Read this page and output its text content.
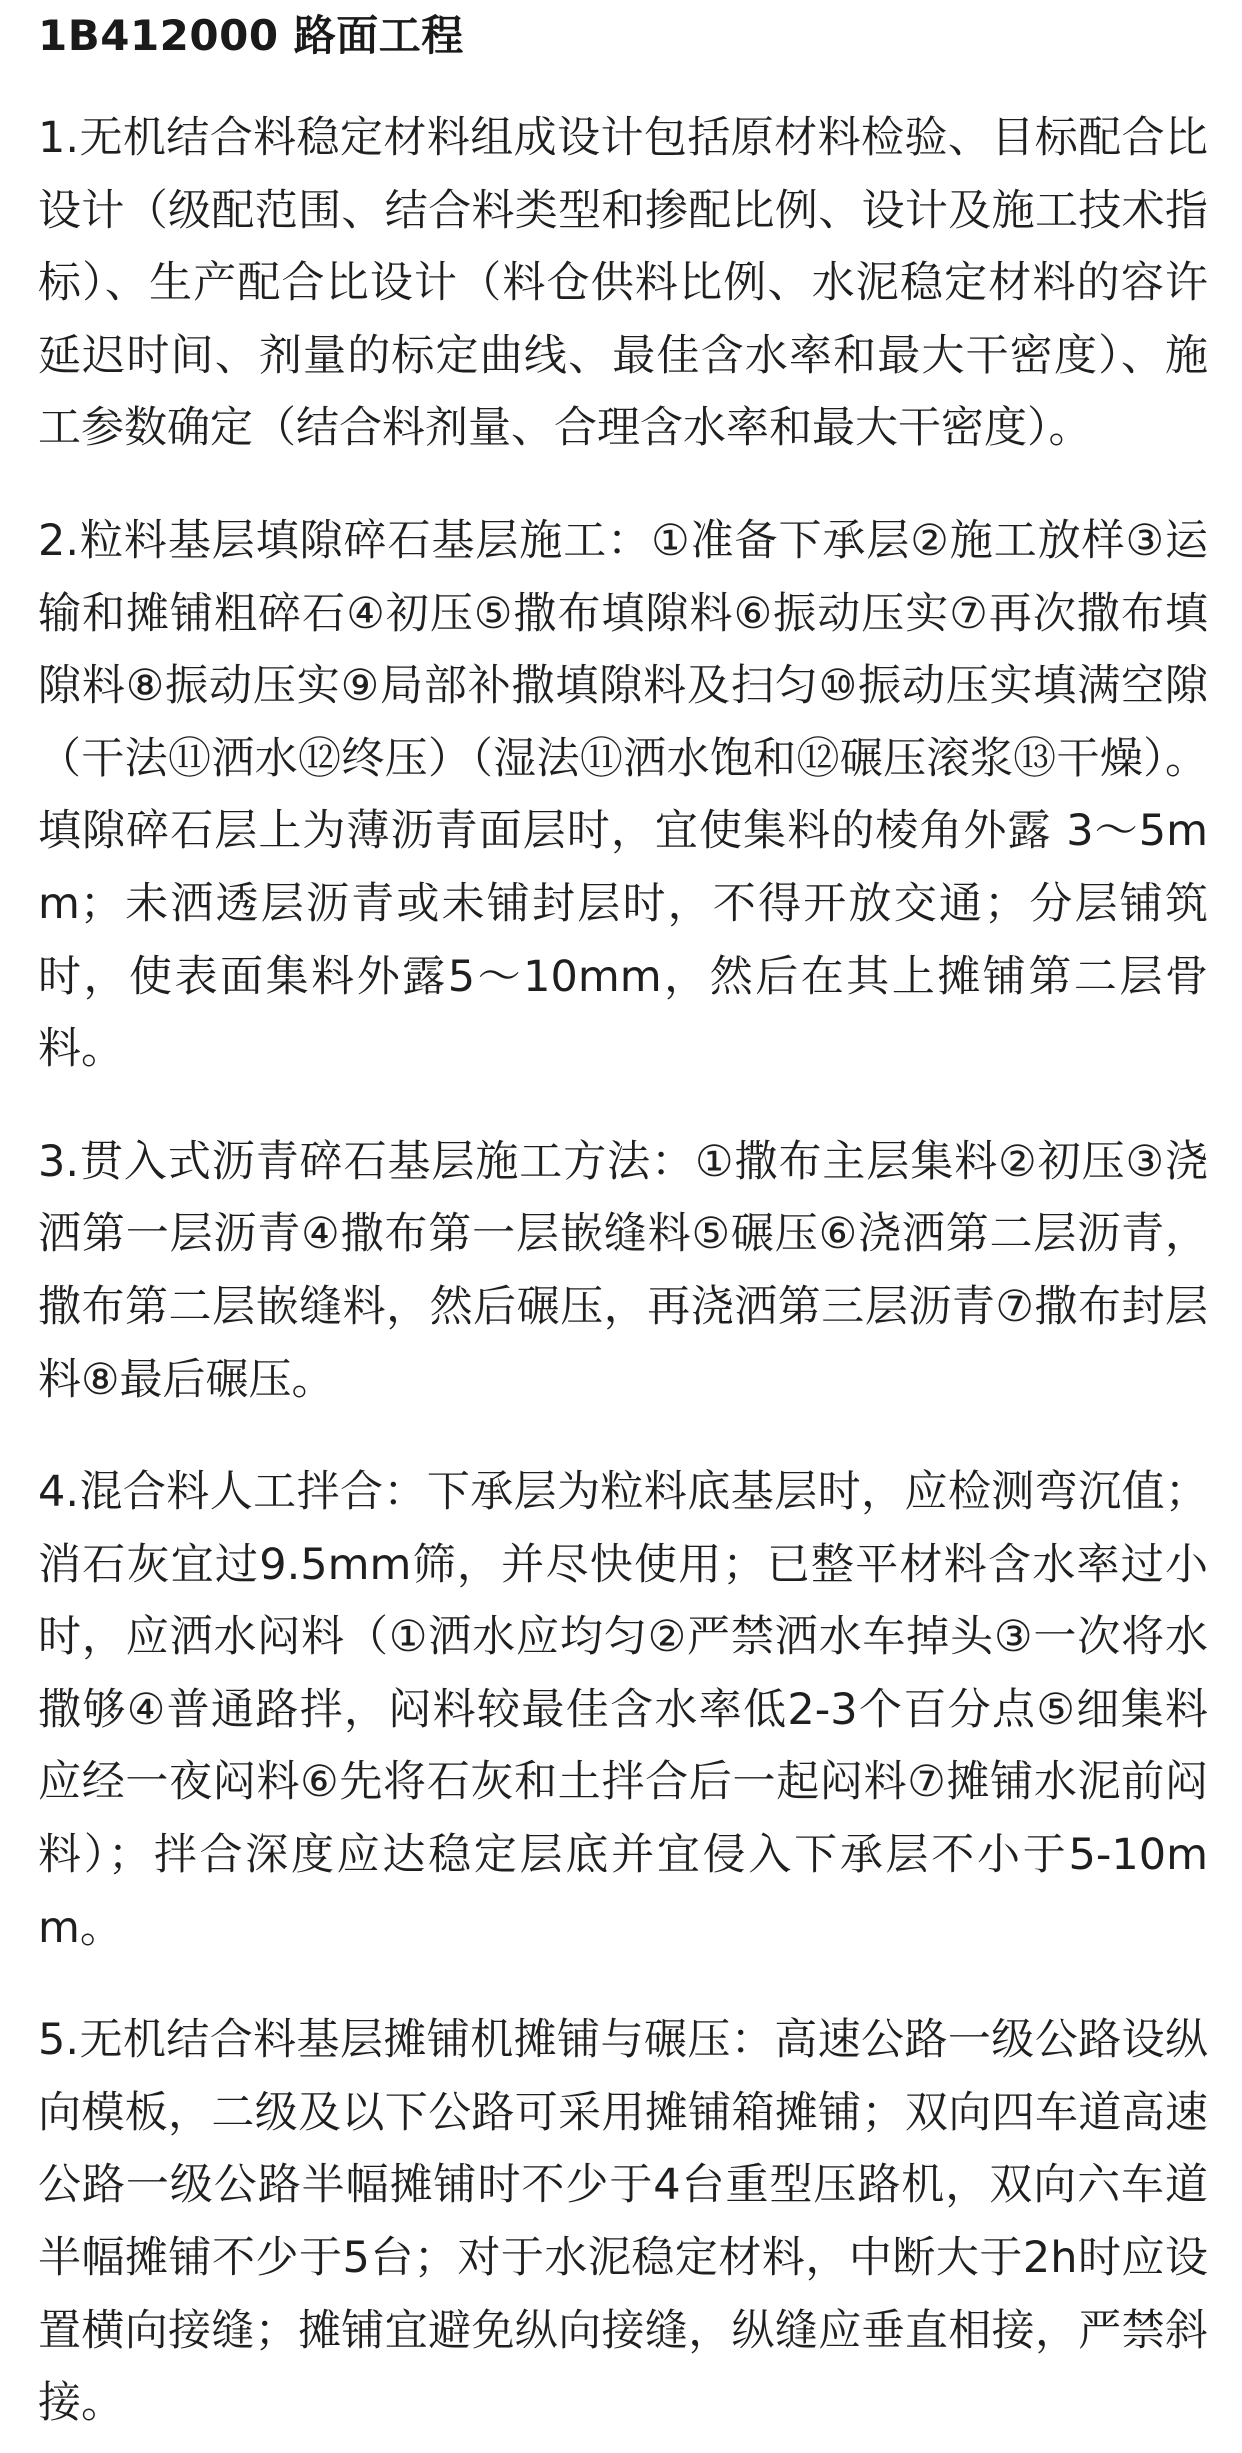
1B412000 路面工程

1.无机结合料稳定材料组成设计包括原材料检验、目标配合比设计（级配范围、结合料类型和掺配比例、设计及施工技术指标）、生产配合比设计（料仓供料比例、水泥稳定材料的容许延迟时间、剂量的标定曲线、最佳含水率和最大干密度）、施工参数确定（结合料剂量、合理含水率和最大干密度）。

2.粒料基层填隙碎石基层施工：①准备下承层②施工放样③运输和摊铺粗碎石④初压⑤撒布填隙料⑥振动压实⑦再次撒布填隙料⑧振动压实⑨局部补撒填隙料及扫匀⑩振动压实填满空隙（干法⑪洒水⑫终压）（湿法⑪洒水饱和⑫碾压滚浆⑬干燥）。填隙碎石层上为薄沥青面层时，宜使集料的棱角外露 3～5mm；未洒透层沥青或未铺封层时，不得开放交通；分层铺筑时，使表面集料外露5～10mm，然后在其上摊铺第二层骨料。

3.贯入式沥青碎石基层施工方法：①撒布主层集料②初压③浇洒第一层沥青④撒布第一层嵌缝料⑤碾压⑥浇洒第二层沥青，撒布第二层嵌缝料，然后碾压，再浇洒第三层沥青⑦撒布封层料⑧最后碾压。

4.混合料人工拌合：下承层为粒料底基层时，应检测弯沉值；消石灰宜过9.5mm筛，并尽快使用；已整平材料含水率过小时，应洒水闷料（①洒水应均匀②严禁洒水车掉头③一次将水撒够④普通路拌，闷料较最佳含水率低2-3个百分点⑤细集料应经一夜闷料⑥先将石灰和土拌合后一起闷料⑦摊铺水泥前闷料）；拌合深度应达稳定层底并宜侵入下承层不小于5-10mm。

5.无机结合料基层摊铺机摊铺与碾压：高速公路一级公路设纵向模板，二级及以下公路可采用摊铺箱摊铺；双向四车道高速公路一级公路半幅摊铺时不少于4台重型压路机，双向六车道半幅摊铺不少于5台；对于水泥稳定材料，中断大于2h时应设置横向接缝；摊铺宜避免纵向接缝，纵缝应垂直相接，严禁斜接。
